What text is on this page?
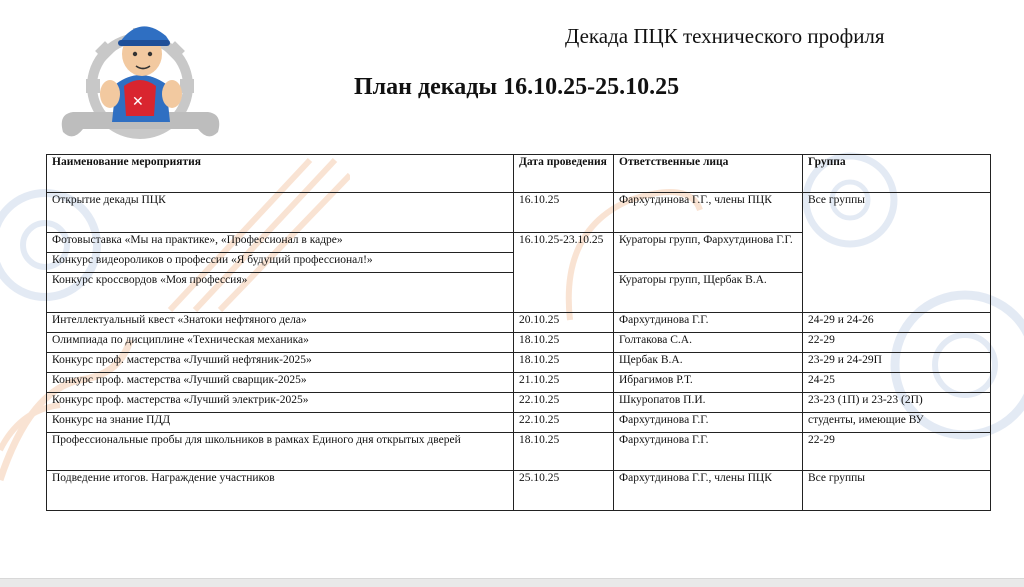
✕
Декада ПЦК технического профиля
План декады 16.10.25-25.10.25
Наименование мероприятия	Дата проведения	Ответственные лица	Группа
Открытие декады ПЦК	16.10.25	Фархутдинова Г.Г., члены ПЦК	Все группы
Фотовыставка «Мы на практике», «Профессионал в кадре»	16.10.25-23.10.25	Кураторы групп, Фархутдинова Г.Г.	
Конкурс видеороликов о профессии «Я будущий профессионал!»			
Конкурс кроссвордов «Моя профессия»		Кураторы групп, Щербак В.А.	
Интеллектуальный квест «Знатоки нефтяного дела»	20.10.25	Фархутдинова Г.Г.	24-29 и 24-26
Олимпиада по дисциплине «Техническая механика»	18.10.25	Голтакова С.А.	22-29
Конкурс проф. мастерства «Лучший нефтяник-2025»	18.10.25	Щербак В.А.	23-29 и 24-29П
Конкурс проф. мастерства «Лучший сварщик-2025»	21.10.25	Ибрагимов Р.Т.	24-25
Конкурс проф. мастерства «Лучший электрик-2025»	22.10.25	Шкуропатов П.И.	23-23 (1П) и 23-23 (2П)
Конкурс на знание ПДД	22.10.25	Фархутдинова Г.Г.	студенты, имеющие ВУ
Профессиональные пробы для школьников в рамках Единого дня открытых дверей	18.10.25	Фархутдинова Г.Г.	22-29
Подведение итогов. Награждение участников	25.10.25	Фархутдинова Г.Г., члены ПЦК	Все группы
